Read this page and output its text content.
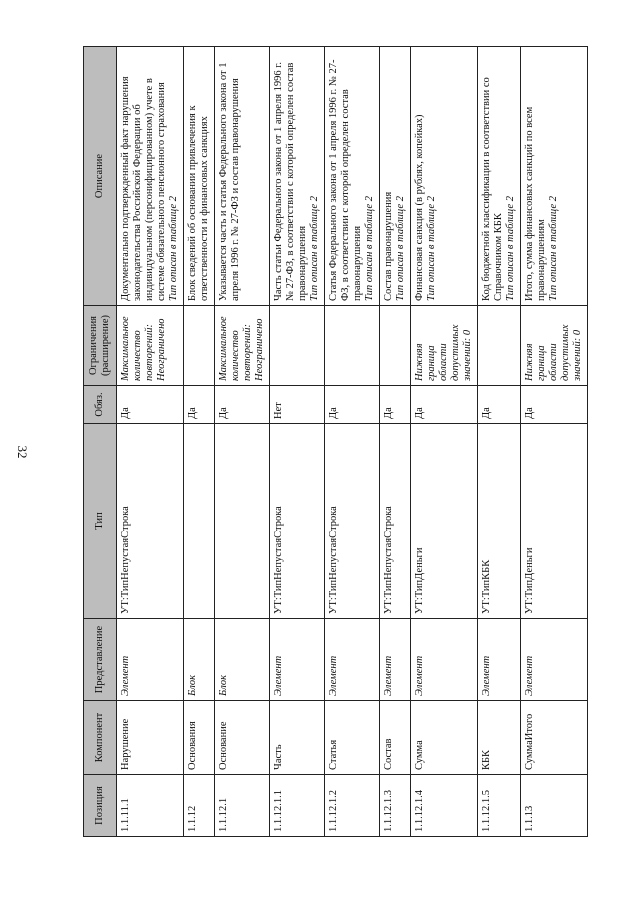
32
Позиция	Компонент	Представление	Тип	Обяз.	Ограничения (расширение)	Описание
1.1.11.1	Нарушение	Элемент	УТ:ТипНепустаяСтрока	Да	Максимальное количество повторений: Неограничено	Документально подтвержденный факт нарушения законодательства Российской Федерации об индивидуальном (персонифицированном) учете в системе обязательного пенсионного страхования Тип описан в таблице 2

1.1.12	Основания	Блок		Да		Блок сведений об основании привлечения к ответственности и финансовых санкциях

1.1.12.1	Основание	Блок		Да	Максимальное количество повторений: Неограничено	Указывается часть и статья Федерального закона от 1 апреля 1996 г. № 27-ФЗ и состав правонарушения

1.1.12.1.1	Часть	Элемент	УТ:ТипНепустаяСтрока	Нет		Часть статьи Федерального закона от 1 апреля 1996 г. № 27-ФЗ, в соответствии с которой определен состав правонарушения Тип описан в таблице 2

1.1.12.1.2	Статья	Элемент	УТ:ТипНепустаяСтрока	Да		Статья Федерального закона от 1 апреля 1996 г. № 27-ФЗ, в соответствии с которой определен состав правонарушения Тип описан в таблице 2

1.1.12.1.3	Состав	Элемент	УТ:ТипНепустаяСтрока	Да		Состав правонарушения Тип описан в таблице 2

1.1.12.1.4	Сумма	Элемент	УТ:ТипДеньги	Да	Нижняя граница области допустимых значений: 0	Финансовая санкция (в рублях, копейках) Тип описан в таблице 2

1.1.12.1.5	КБК	Элемент	УТ:ТипКБК	Да		Код бюджетной классификации в соответствии со Справочником КБК Тип описан в таблице 2

1.1.13	СуммаИтого	Элемент	УТ:ТипДеньги	Да	Нижняя граница области допустимых значений: 0	Итого, сумма финансовых санкций по всем правонарушениям Тип описан в таблице 2
